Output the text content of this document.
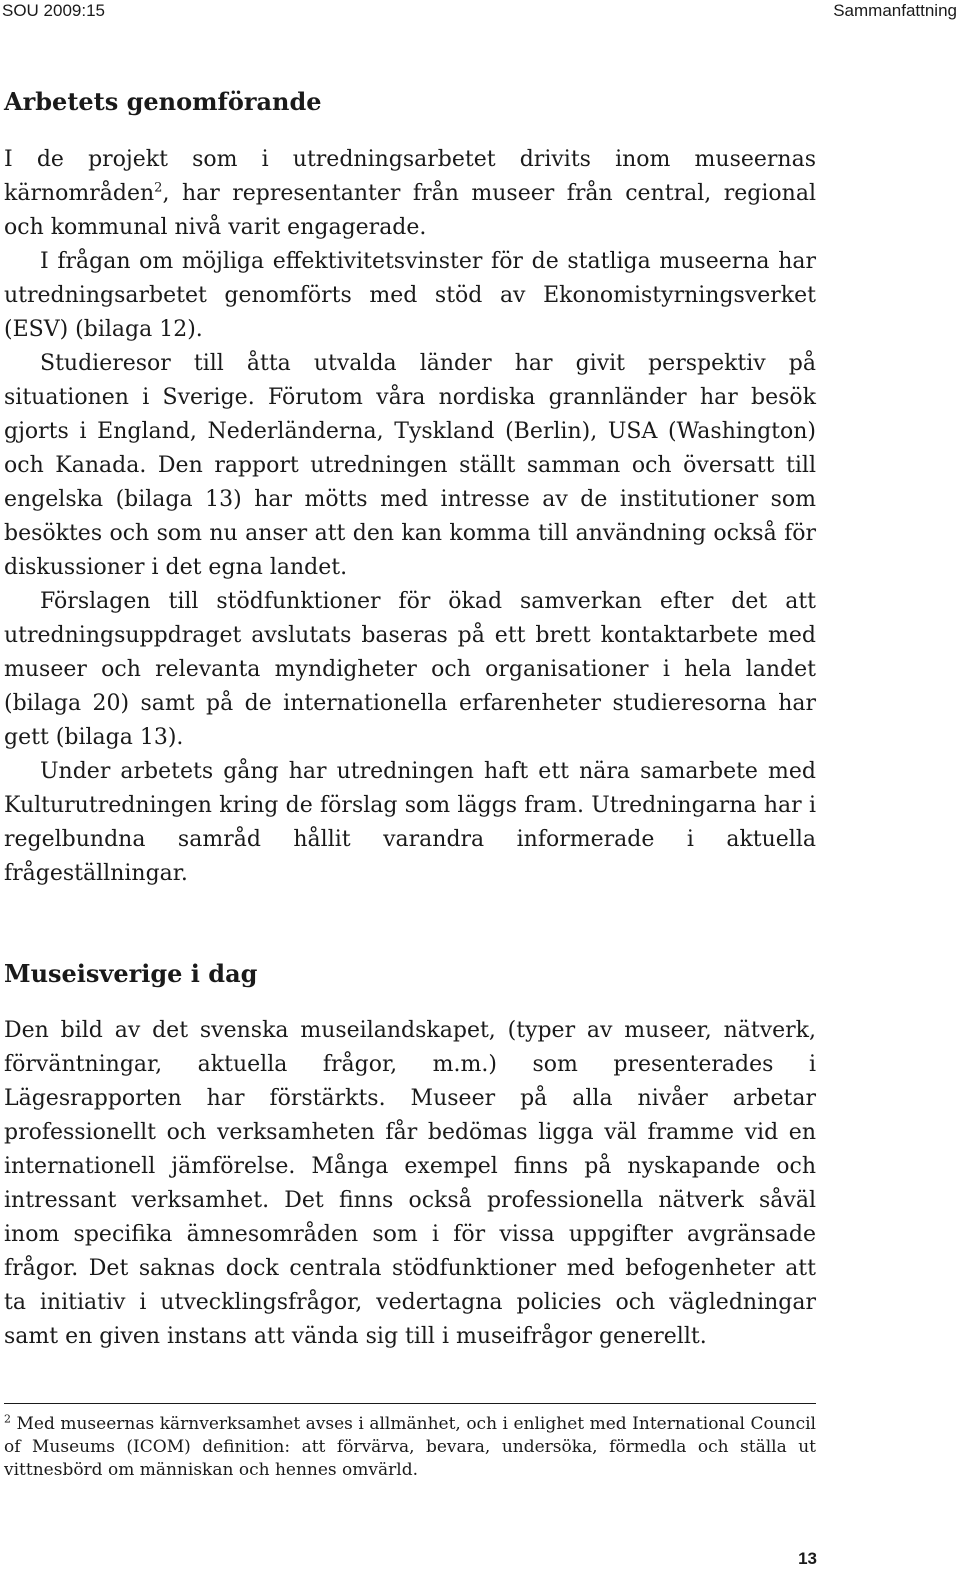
SOU 2009:15	Sammanfattning
Arbetets genomförande

I de projekt som i utredningsarbetet drivits inom museernas kärnområden$^2$, har representanter från museer från central, regional och kommunal nivå varit engagerade.

I frågan om möjliga effektivitetsvinster för de statliga museerna har utredningsarbetet genomförts med stöd av Ekonomistyrningsverket (ESV) (bilaga 12).

Studieresor till åtta utvalda länder har givit perspektiv på situationen i Sverige. Förutom våra nordiska grannländer har besök gjorts i England, Nederländerna, Tyskland (Berlin), USA (Washington) och Kanada. Den rapport utredningen ställt samman och översatt till engelska (bilaga 13) har mötts med intresse av de institutioner som besöktes och som nu anser att den kan komma till användning också för diskussioner i det egna landet.

Förslagen till stödfunktioner för ökad samverkan efter det att utredningsuppdraget avslutats baseras på ett brett kontaktarbete med museer och relevanta myndigheter och organisationer i hela landet (bilaga 20) samt på de internationella erfarenheter studieresorna har gett (bilaga 13).

Under arbetets gång har utredningen haft ett nära samarbete med Kulturutredningen kring de förslag som läggs fram. Utredningarna har i regelbundna samråd hållit varandra informerade i aktuella frågeställningar.

Museisverige i dag

Den bild av det svenska museilandskapet, (typer av museer, nätverk, förväntningar, aktuella frågor, m.m.) som presenterades i Lägesrapporten har förstärkts. Museer på alla nivåer arbetar professionellt och verksamheten får bedömas ligga väl framme vid en internationell jämförelse. Många exempel finns på nyskapande och intressant verksamhet. Det finns också professionella nätverk såväl inom specifika ämnesområden som i för vissa uppgifter avgränsade frågor. Det saknas dock centrala stödfunktioner med befogenheter att ta initiativ i utvecklingsfrågor, vedertagna policies och vägledningar samt en given instans att vända sig till i museifrågor generellt.

$^2$ Med museernas kärnverksamhet avses i allmänhet, och i enlighet med International Council of Museums (ICOM) definition: att förvärva, bevara, undersöka, förmedla och ställa ut vittnesbörd om människan och hennes omvärld.

13
